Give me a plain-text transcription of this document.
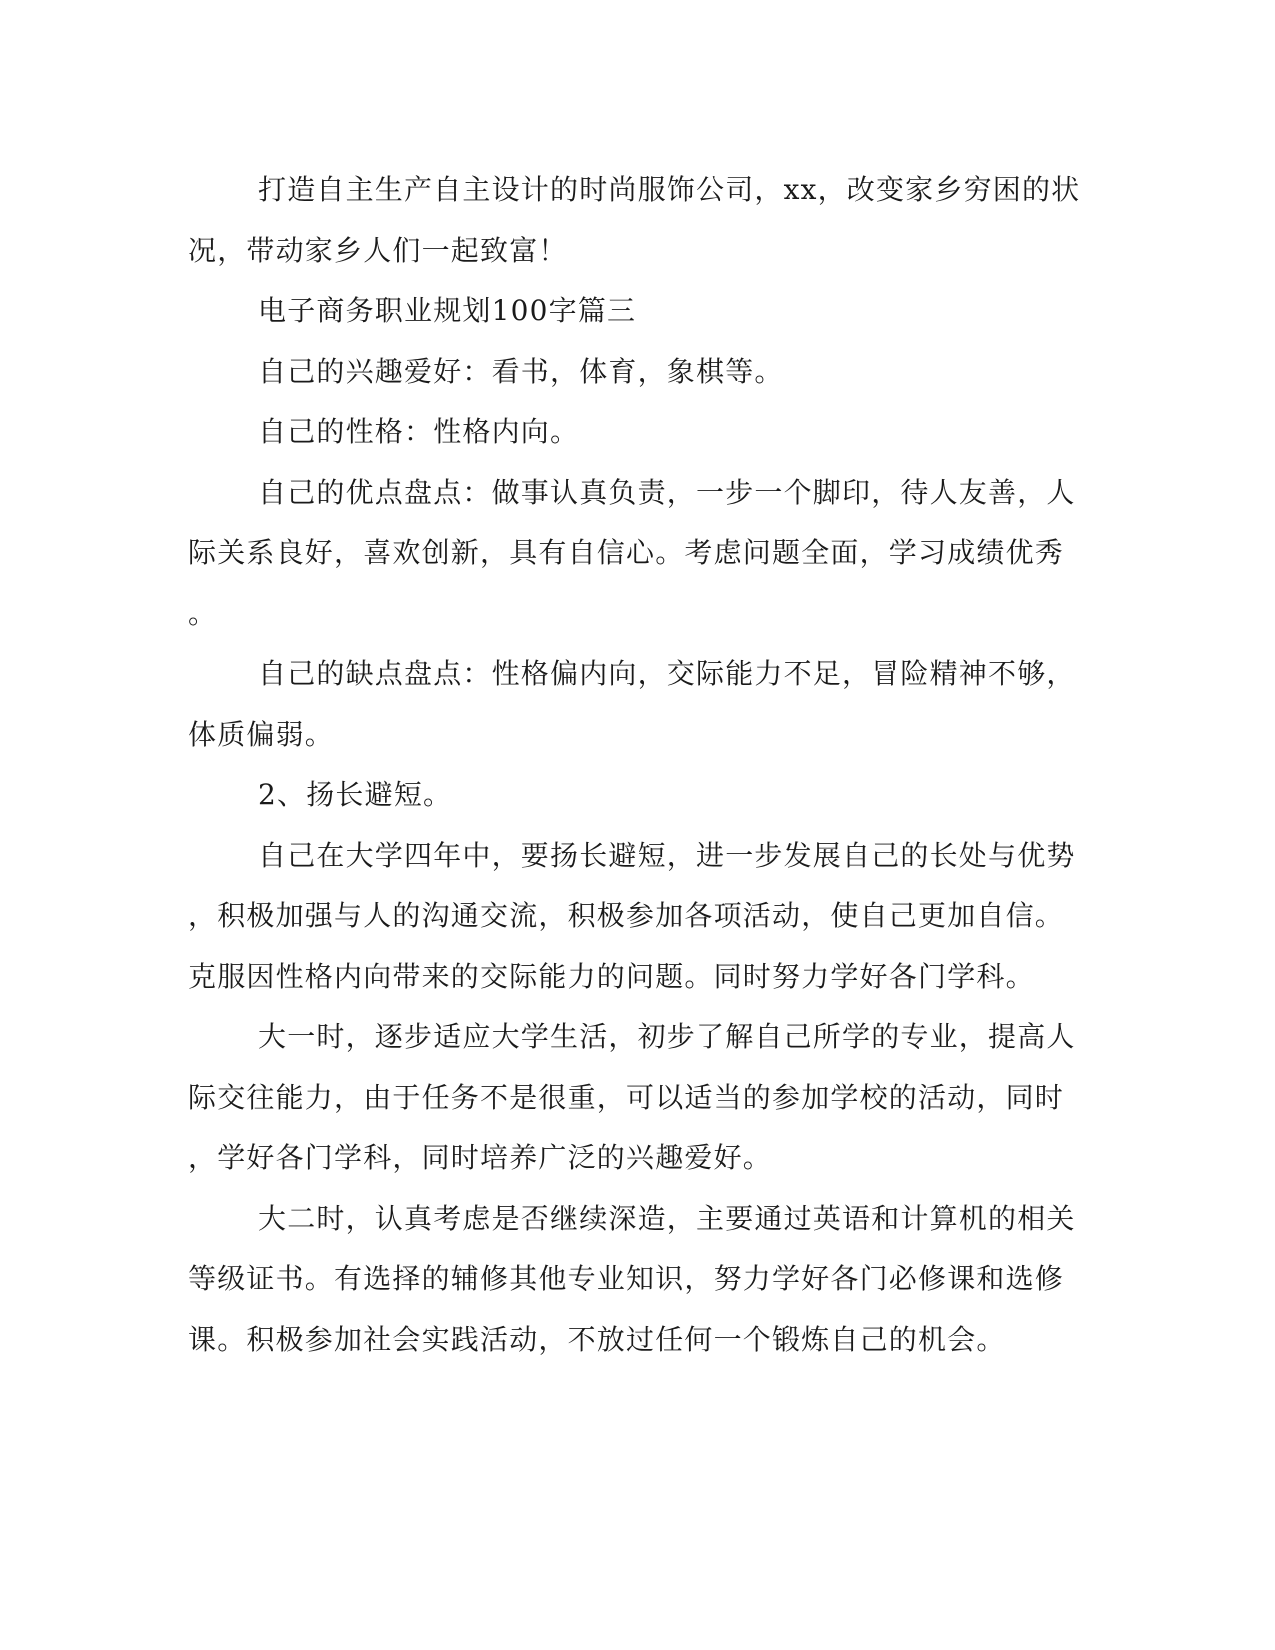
打造自主生产自主设计的时尚服饰公司，xx，改变家乡穷困的状
况，带动家乡人们一起致富！
电子商务职业规划100字篇三
自己的兴趣爱好：看书，体育，象棋等。
自己的性格：性格内向。
自己的优点盘点：做事认真负责，一步一个脚印，待人友善，人
际关系良好，喜欢创新，具有自信心。考虑问题全面，学习成绩优秀
。
自己的缺点盘点：性格偏内向，交际能力不足，冒险精神不够，
体质偏弱。
2、扬长避短。
自己在大学四年中，要扬长避短，进一步发展自己的长处与优势
，积极加强与人的沟通交流，积极参加各项活动，使自己更加自信。
克服因性格内向带来的交际能力的问题。同时努力学好各门学科。
大一时，逐步适应大学生活，初步了解自己所学的专业，提高人
际交往能力，由于任务不是很重，可以适当的参加学校的活动，同时
，学好各门学科，同时培养广泛的兴趣爱好。
大二时，认真考虑是否继续深造，主要通过英语和计算机的相关
等级证书。有选择的辅修其他专业知识，努力学好各门必修课和选修
课。积极参加社会实践活动，不放过任何一个锻炼自己的机会。
